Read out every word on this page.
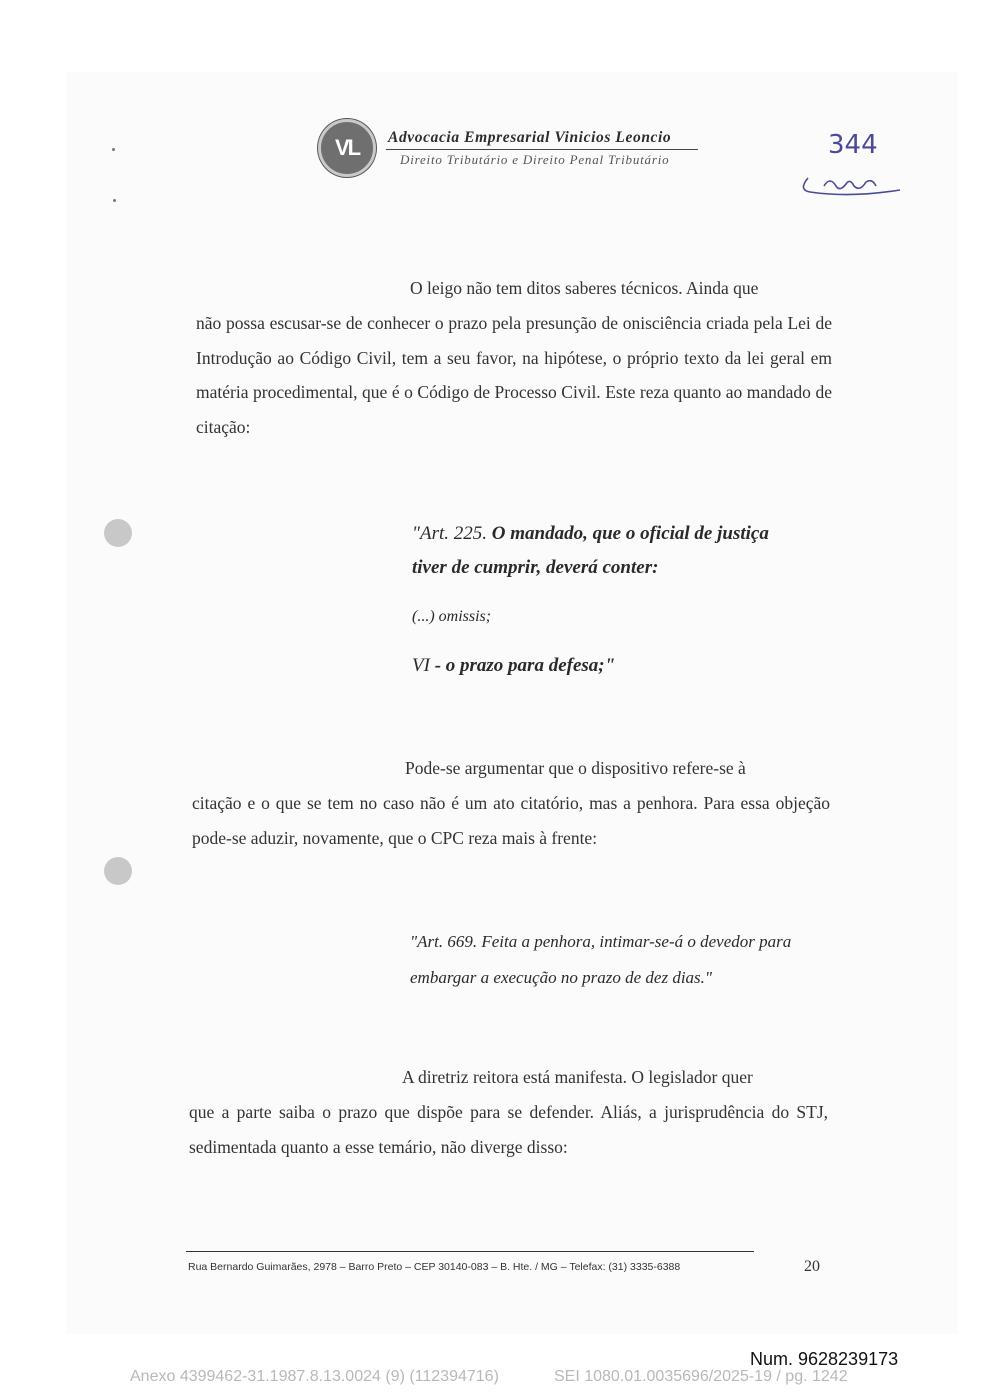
VL	Advocacia Empresarial Vinicios Leoncio
Direito Tributário e Direito Penal Tributário	344

O leigo não tem ditos saberes técnicos. Ainda que

não possa escusar-se de conhecer o prazo pela presunção de onisciência criada pela Lei de Introdução ao Código Civil, tem a seu favor, na hipótese, o próprio texto da lei geral em matéria procedimental, que é o Código de Processo Civil. Este reza quanto ao mandado de citação:

"Art. 225. O mandado, que o oficial de justiça
tiver de cumprir, deverá conter:

(...) omissis;

VI - o prazo para defesa;"

Pode-se argumentar que o dispositivo refere-se à

citação e o que se tem no caso não é um ato citatório, mas a penhora. Para essa objeção pode-se aduzir, novamente, que o CPC reza mais à frente:

"Art. 669. Feita a penhora, intimar-se-á o devedor para
embargar a execução no prazo de dez dias."

A diretriz reitora está manifesta. O legislador quer

que a parte saiba o prazo que dispõe para se defender. Aliás, a jurisprudência do STJ, sedimentada quanto a esse temário, não diverge disso:

Rua Bernardo Guimarães, 2978 – Barro Preto – CEP 30140-083 – B. Hte. / MG – Telefax: (31) 3335-6388	20
Num. 9628239173
Anexo 4399462-31.1987.8.13.0024 (9) (112394716)	SEI 1080.01.0035696/2025-19 / pg. 1242
